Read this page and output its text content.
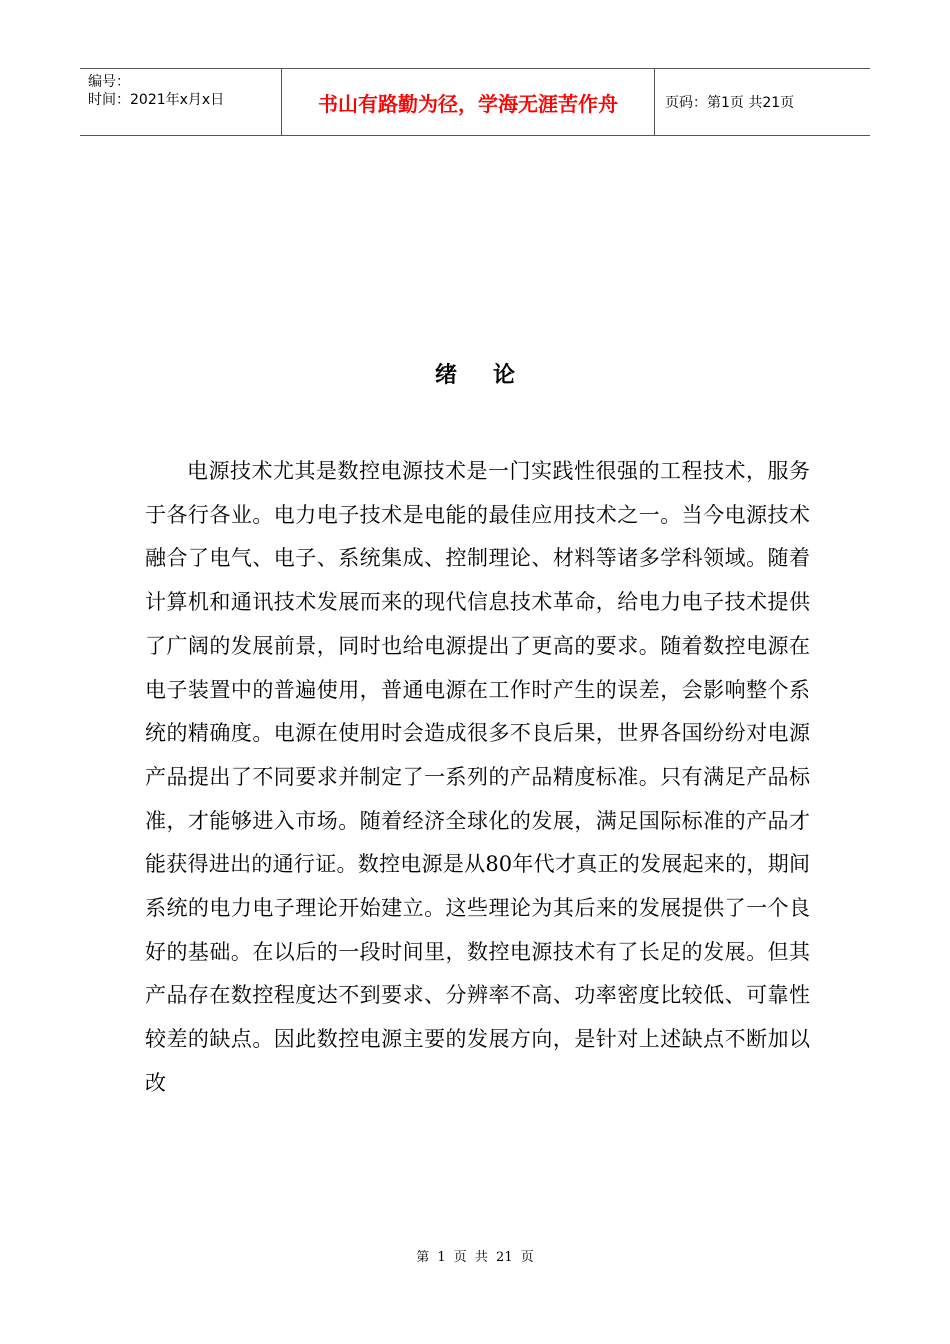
编号：
时间：2021年x月x日	书山有路勤为径，学海无涯苦作舟	页码：第1页 共21页
绪论

电源技术尤其是数控电源技术是一门实践性很强的工程技术，服务于各行各业。电力电子技术是电能的最佳应用技术之一。当今电源技术融合了电气、电子、系统集成、控制理论、材料等诸多学科领域。随着计算机和通讯技术发展而来的现代信息技术革命，给电力电子技术提供了广阔的发展前景，同时也给电源提出了更高的要求。随着数控电源在电子装置中的普遍使用，普通电源在工作时产生的误差，会影响整个系统的精确度。电源在使用时会造成很多不良后果，世界各国纷纷对电源产品提出了不同要求并制定了一系列的产品精度标准。只有满足产品标准，才能够进入市场。随着经济全球化的发展，满足国际标准的产品才能获得进出的通行证。数控电源是从80年代才真正的发展起来的，期间系统的电力电子理论开始建立。这些理论为其后来的发展提供了一个良好的基础。在以后的一段时间里，数控电源技术有了长足的发展。但其产品存在数控程度达不到要求、分辨率不高、功率密度比较低、可靠性较差的缺点。因此数控电源主要的发展方向，是针对上述缺点不断加以改

第 1 页 共 21 页
